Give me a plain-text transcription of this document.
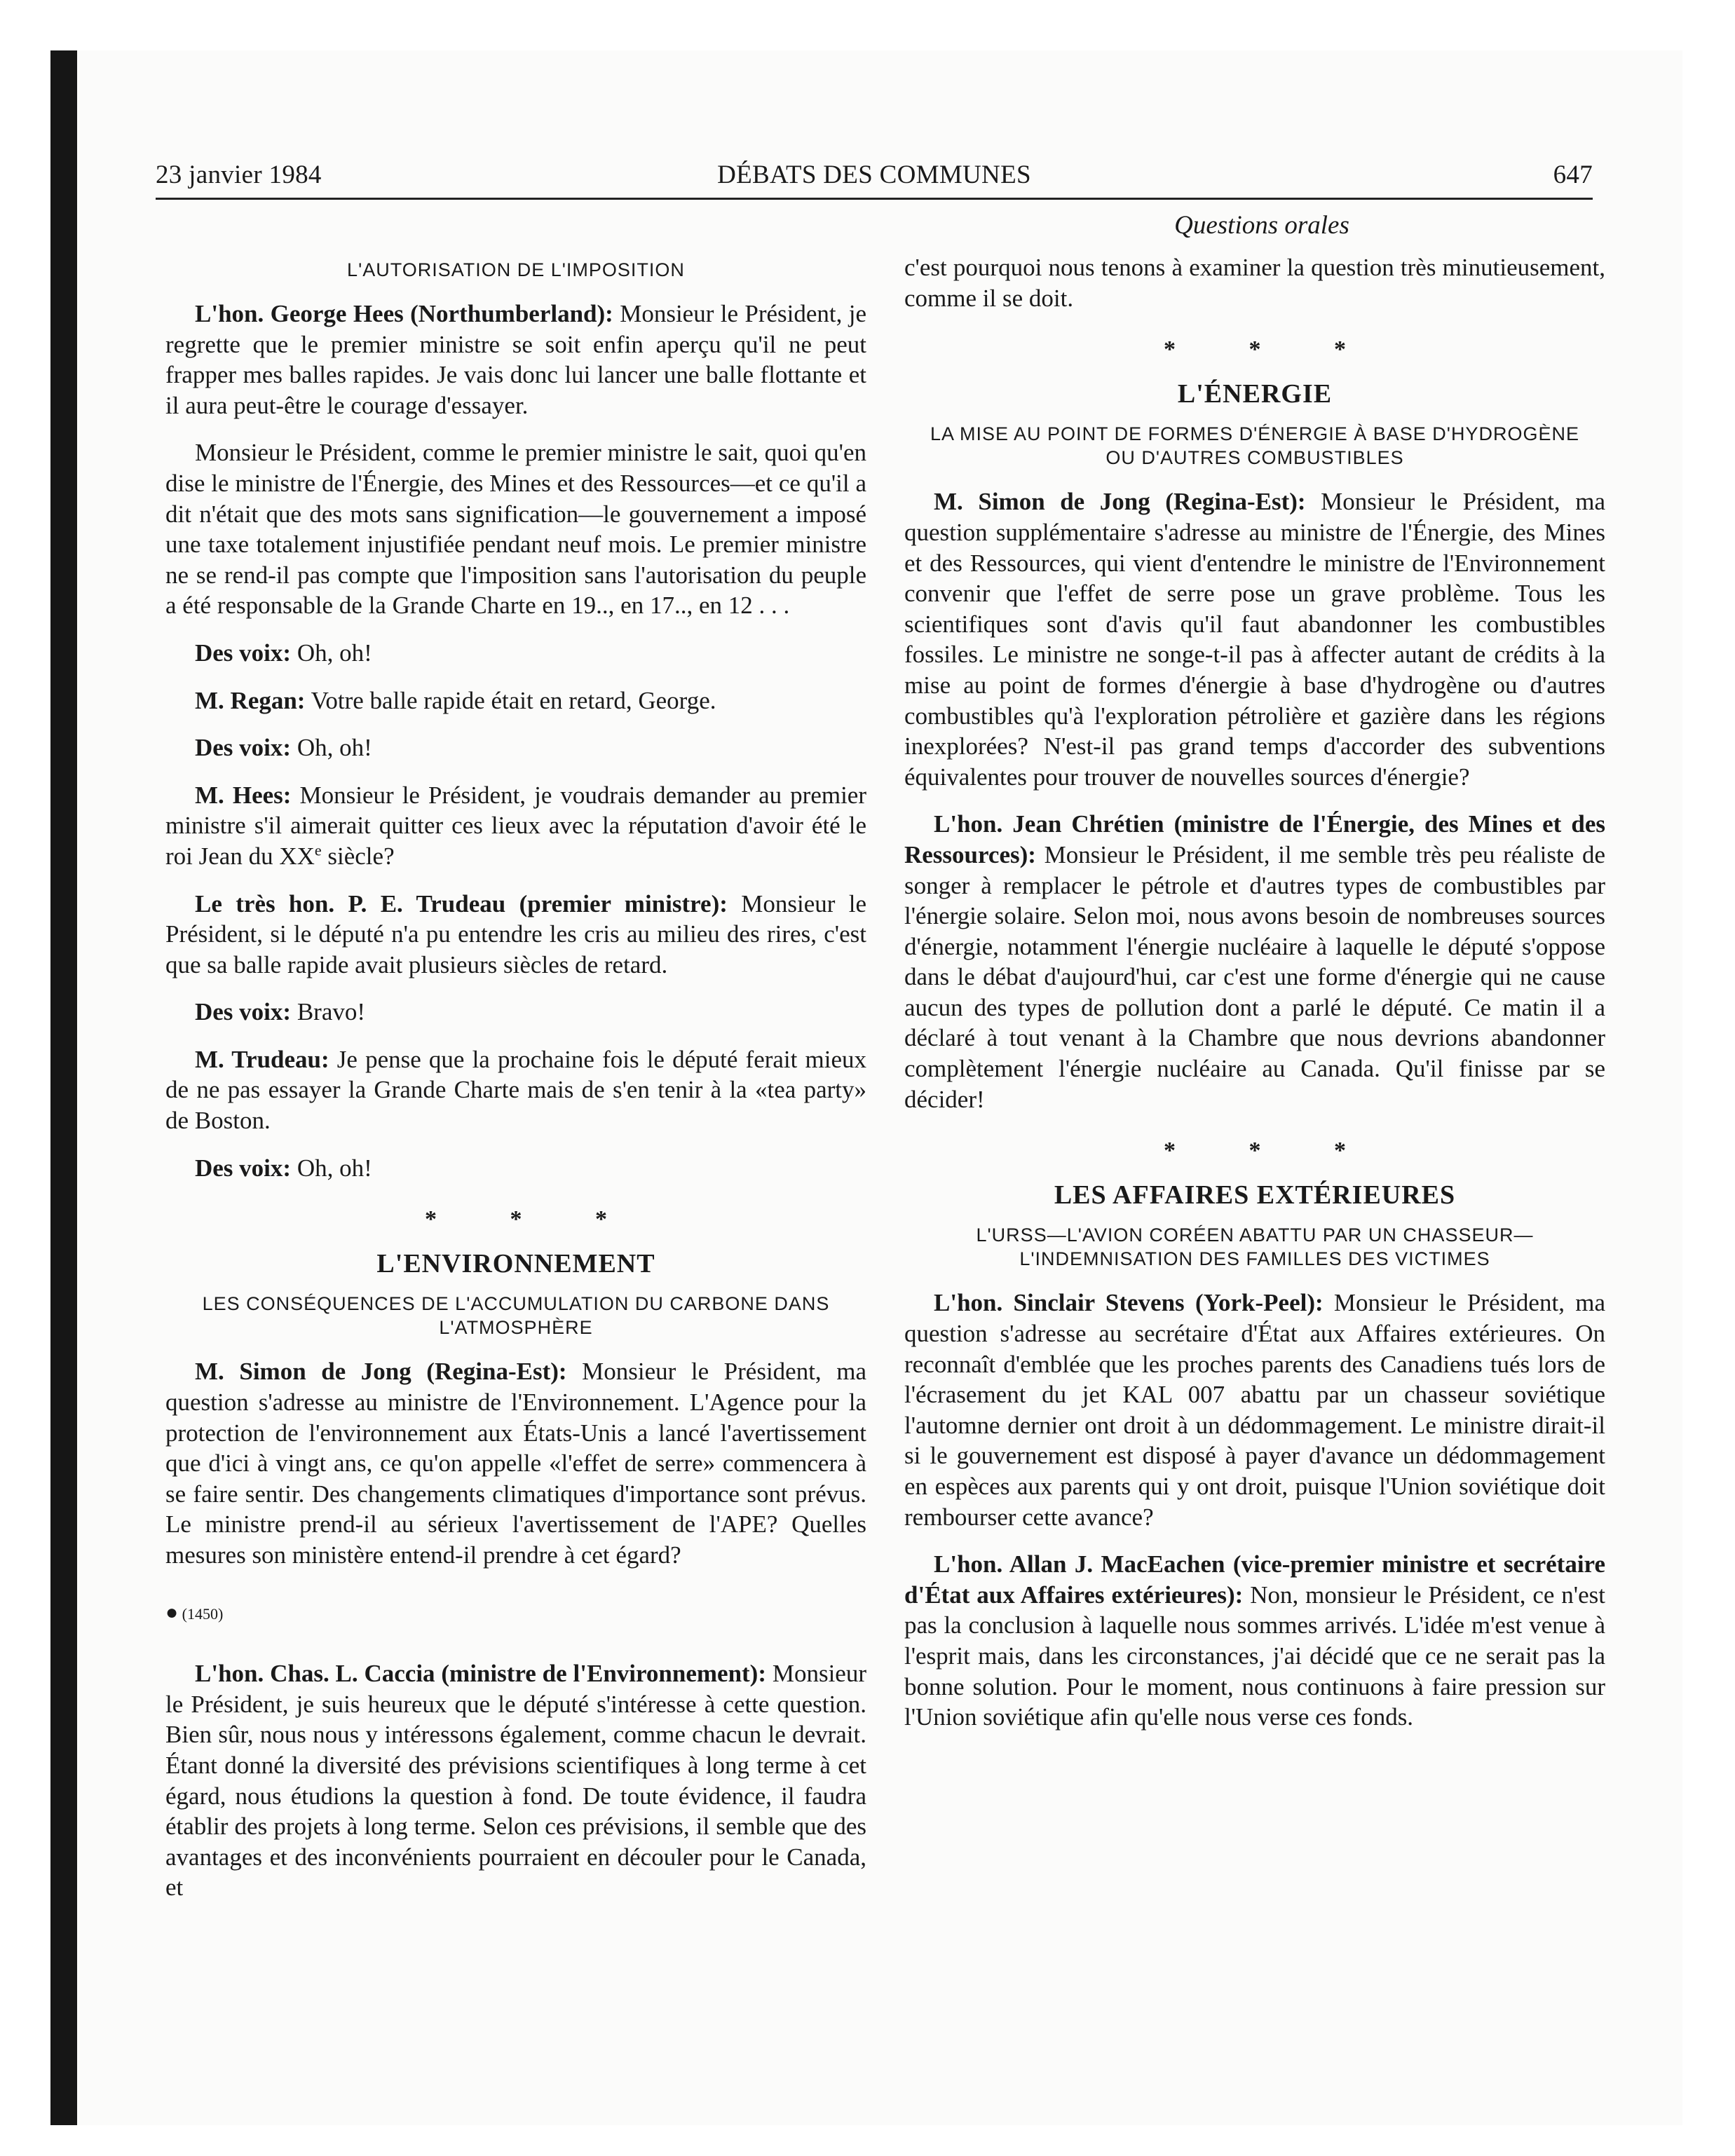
23 janvier 1984	DÉBATS DES COMMUNES	647
Questions orales
L'AUTORISATION DE L'IMPOSITION

L'hon. George Hees (Northumberland): Monsieur le Président, je regrette que le premier ministre se soit enfin aperçu qu'il ne peut frapper mes balles rapides. Je vais donc lui lancer une balle flottante et il aura peut-être le courage d'essayer.

Monsieur le Président, comme le premier ministre le sait, quoi qu'en dise le ministre de l'Énergie, des Mines et des Ressources—et ce qu'il a dit n'était que des mots sans signification—le gouvernement a imposé une taxe totalement injustifiée pendant neuf mois. Le premier ministre ne se rend-il pas compte que l'imposition sans l'autorisation du peuple a été responsable de la Grande Charte en 19.., en 17.., en 12 . . .

Des voix: Oh, oh!

M. Regan: Votre balle rapide était en retard, George.

Des voix: Oh, oh!

M. Hees: Monsieur le Président, je voudrais demander au premier ministre s'il aimerait quitter ces lieux avec la réputation d'avoir été le roi Jean du XXe siècle?

Le très hon. P. E. Trudeau (premier ministre): Monsieur le Président, si le député n'a pu entendre les cris au milieu des rires, c'est que sa balle rapide avait plusieurs siècles de retard.

Des voix: Bravo!

M. Trudeau: Je pense que la prochaine fois le député ferait mieux de ne pas essayer la Grande Charte mais de s'en tenir à la «tea party» de Boston.

Des voix: Oh, oh!

* * *
L'ENVIRONNEMENT
LES CONSÉQUENCES DE L'ACCUMULATION DU CARBONE DANS L'ATMOSPHÈRE

M. Simon de Jong (Regina-Est): Monsieur le Président, ma question s'adresse au ministre de l'Environnement. L'Agence pour la protection de l'environnement aux États-Unis a lancé l'avertissement que d'ici à vingt ans, ce qu'on appelle «l'effet de serre» commencera à se faire sentir. Des changements climatiques d'importance sont prévus. Le ministre prend-il au sérieux l'avertissement de l'APE? Quelles mesures son ministère entend-il prendre à cet égard?

● (1450)

L'hon. Chas. L. Caccia (ministre de l'Environnement): Monsieur le Président, je suis heureux que le député s'intéresse à cette question. Bien sûr, nous nous y intéressons également, comme chacun le devrait. Étant donné la diversité des prévisions scientifiques à long terme à cet égard, nous étudions la question à fond. De toute évidence, il faudra établir des projets à long terme. Selon ces prévisions, il semble que des avantages et des inconvénients pourraient en découler pour le Canada, et

c'est pourquoi nous tenons à examiner la question très minutieusement, comme il se doit.

* * *
L'ÉNERGIE
LA MISE AU POINT DE FORMES D'ÉNERGIE À BASE D'HYDROGÈNE OU D'AUTRES COMBUSTIBLES

M. Simon de Jong (Regina-Est): Monsieur le Président, ma question supplémentaire s'adresse au ministre de l'Énergie, des Mines et des Ressources, qui vient d'entendre le ministre de l'Environnement convenir que l'effet de serre pose un grave problème. Tous les scientifiques sont d'avis qu'il faut abandonner les combustibles fossiles. Le ministre ne songe-t-il pas à affecter autant de crédits à la mise au point de formes d'énergie à base d'hydrogène ou d'autres combustibles qu'à l'exploration pétrolière et gazière dans les régions inexplorées? N'est-il pas grand temps d'accorder des subventions équivalentes pour trouver de nouvelles sources d'énergie?

L'hon. Jean Chrétien (ministre de l'Énergie, des Mines et des Ressources): Monsieur le Président, il me semble très peu réaliste de songer à remplacer le pétrole et d'autres types de combustibles par l'énergie solaire. Selon moi, nous avons besoin de nombreuses sources d'énergie, notamment l'énergie nucléaire à laquelle le député s'oppose dans le débat d'aujourd'hui, car c'est une forme d'énergie qui ne cause aucun des types de pollution dont a parlé le député. Ce matin il a déclaré à tout venant à la Chambre que nous devrions abandonner complètement l'énergie nucléaire au Canada. Qu'il finisse par se décider!

* * *
LES AFFAIRES EXTÉRIEURES
L'URSS—L'AVION CORÉEN ABATTU PAR UN CHASSEUR—L'INDEMNISATION DES FAMILLES DES VICTIMES

L'hon. Sinclair Stevens (York-Peel): Monsieur le Président, ma question s'adresse au secrétaire d'État aux Affaires extérieures. On reconnaît d'emblée que les proches parents des Canadiens tués lors de l'écrasement du jet KAL 007 abattu par un chasseur soviétique l'automne dernier ont droit à un dédommagement. Le ministre dirait-il si le gouvernement est disposé à payer d'avance un dédommagement en espèces aux parents qui y ont droit, puisque l'Union soviétique doit rembourser cette avance?

L'hon. Allan J. MacEachen (vice-premier ministre et secrétaire d'État aux Affaires extérieures): Non, monsieur le Président, ce n'est pas la conclusion à laquelle nous sommes arrivés. L'idée m'est venue à l'esprit mais, dans les circonstances, j'ai décidé que ce ne serait pas la bonne solution. Pour le moment, nous continuons à faire pression sur l'Union soviétique afin qu'elle nous verse ces fonds.
